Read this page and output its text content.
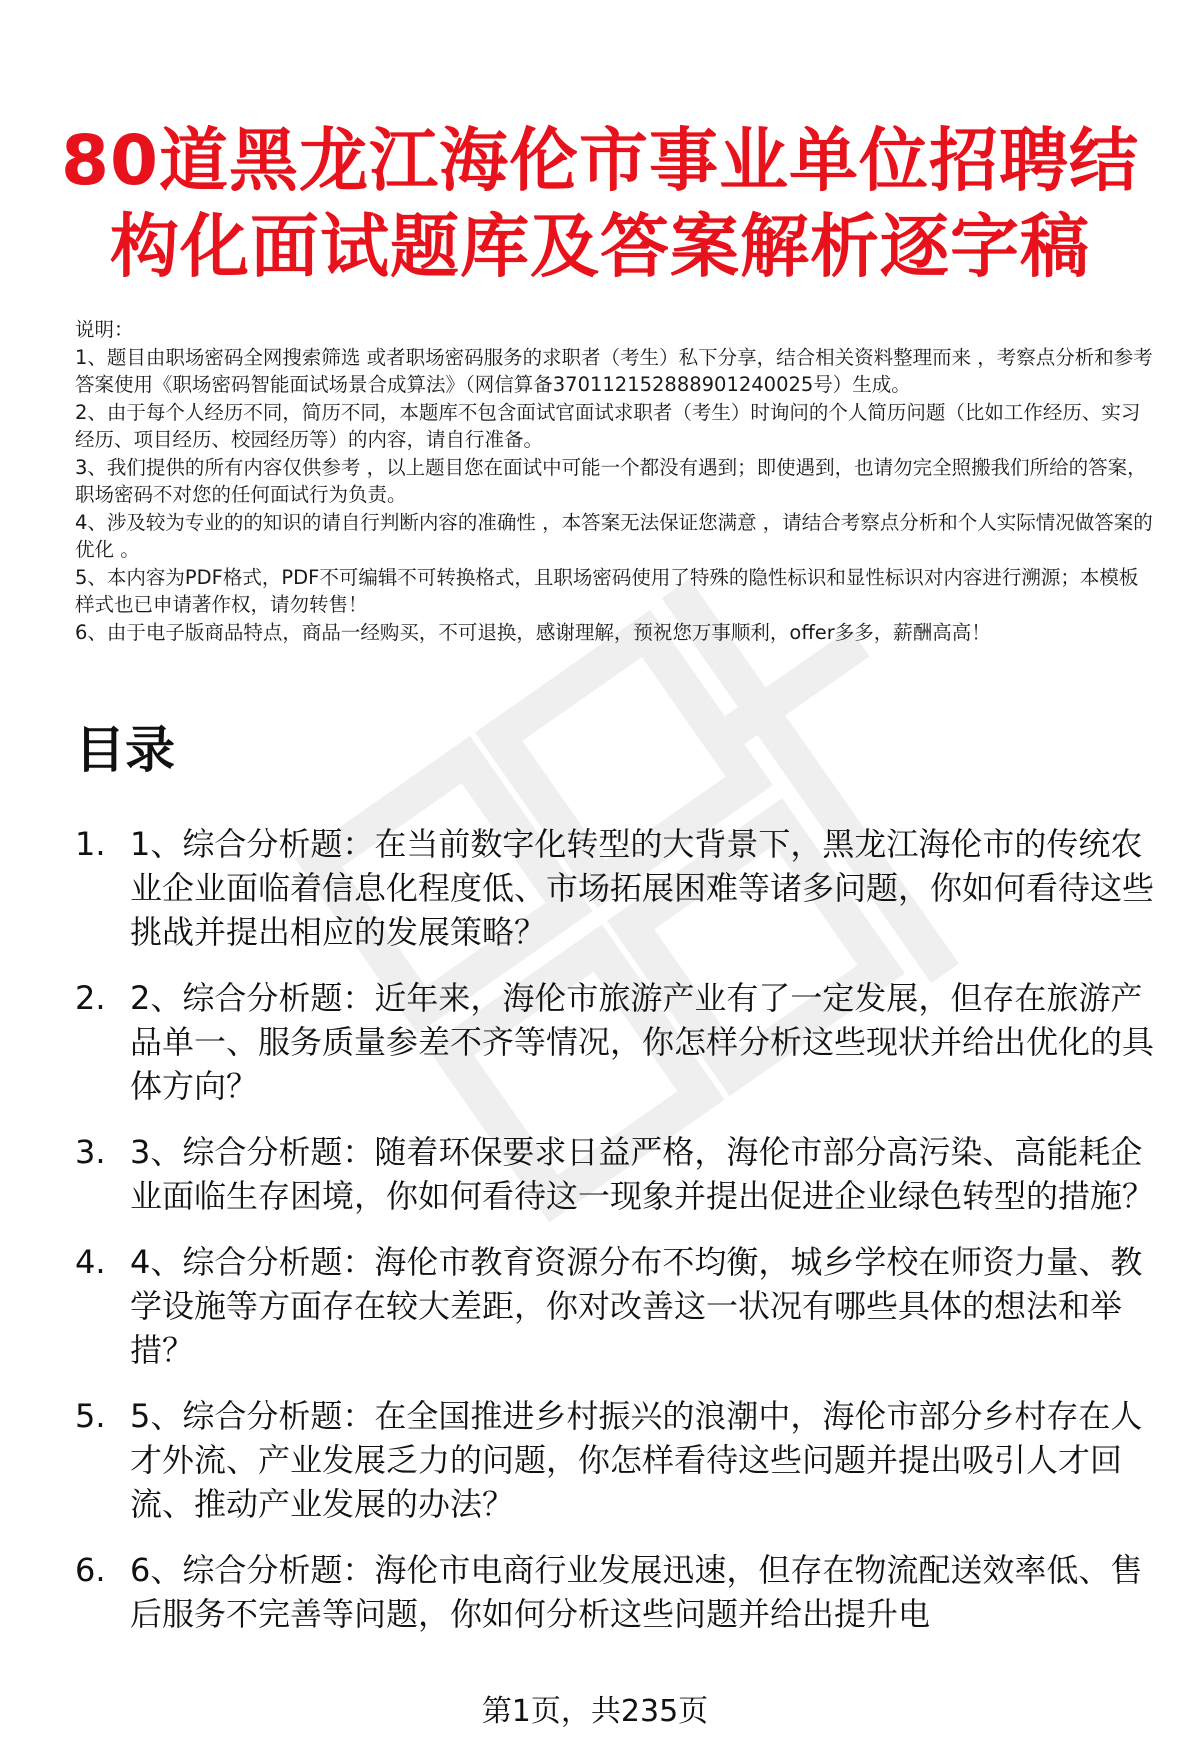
80道黑龙江海伦市事业单位招聘结构化面试题库及答案解析逐字稿

说明：

1、题目由职场密码全网搜索筛选 或者职场密码服务的求职者（考生）私下分享，结合相关资料整理而来 ，考察点分析和参考答案使用《职场密码智能面试场景合成算法》（网信算备370112152888901240025号）生成。

2、由于每个人经历不同，简历不同，本题库不包含面试官面试求职者（考生）时询问的个人简历问题（比如工作经历、实习经历、项目经历、校园经历等）的内容，请自行准备。

3、我们提供的所有内容仅供参考 ，以上题目您在面试中可能一个都没有遇到；即使遇到，也请勿完全照搬我们所给的答案，职场密码不对您的任何面试行为负责。

4、涉及较为专业的的知识的请自行判断内容的准确性 ，本答案无法保证您满意 ，请结合考察点分析和个人实际情况做答案的优化 。

5、本内容为PDF格式，PDF不可编辑不可转换格式，且职场密码使用了特殊的隐性标识和显性标识对内容进行溯源；本模板样式也已申请著作权，请勿转售！

6、由于电子版商品特点，商品一经购买，不可退换，感谢理解，预祝您万事顺利，offer多多，薪酬高高！

目录
1. 1、综合分析题：在当前数字化转型的大背景下，黑龙江海伦市的传统农业企业面临着信息化程度低、市场拓展困难等诸多问题，你如何看待这些挑战并提出相应的发展策略？
2. 2、综合分析题：近年来，海伦市旅游产业有了一定发展，但存在旅游产品单一、服务质量参差不齐等情况，你怎样分析这些现状并给出优化的具体方向？
3. 3、综合分析题：随着环保要求日益严格，海伦市部分高污染、高能耗企业面临生存困境，你如何看待这一现象并提出促进企业绿色转型的措施？
4. 4、综合分析题：海伦市教育资源分布不均衡，城乡学校在师资力量、教学设施等方面存在较大差距，你对改善这一状况有哪些具体的想法和举措？
5. 5、综合分析题：在全国推进乡村振兴的浪潮中，海伦市部分乡村存在人才外流、产业发展乏力的问题，你怎样看待这些问题并提出吸引人才回流、推动产业发展的办法？
6. 6、综合分析题：海伦市电商行业发展迅速，但存在物流配送效率低、售后服务不完善等问题，你如何分析这些问题并给出提升电
第1页，共235页
